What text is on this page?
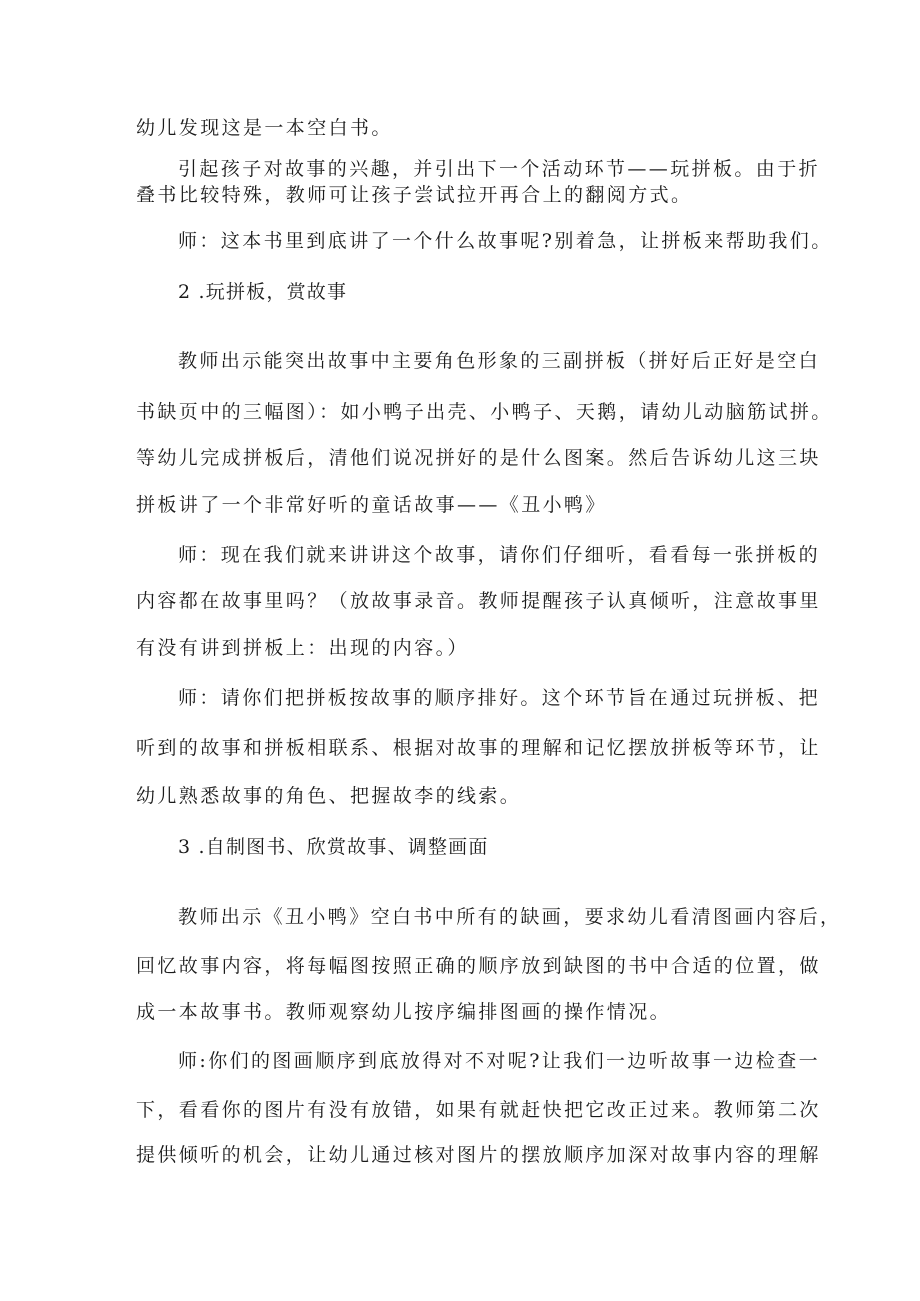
幼儿发现这是一本空白书。
引起孩子对故事的兴趣，并引出下一个活动环节——玩拼板。由于折
叠书比较特殊，教师可让孩子尝试拉开再合上的翻阅方式。
师：这本书里到底讲了一个什么故事呢?别着急，让拼板来帮助我们。
2 .玩拼板，赏故事
教师出示能突出故事中主要角色形象的三副拼板（拼好后正好是空白
书缺页中的三幅图）：如小鸭子出壳、小鸭子、天鹅，请幼儿动脑筋试拼。
等幼儿完成拼板后，清他们说况拼好的是什么图案。然后告诉幼儿这三块
拼板讲了一个非常好听的童话故事——《丑小鸭》
师：现在我们就来讲讲这个故事，请你们仔细听，看看每一张拼板的
内容都在故事里吗？（放故事录音。教师提醒孩子认真倾听，注意故事里
有没有讲到拼板上：出现的内容。）
师：请你们把拼板按故事的顺序排好。这个环节旨在通过玩拼板、把
听到的故事和拼板相联系、根据对故事的理解和记忆摆放拼板等环节，让
幼儿熟悉故事的角色、把握故李的线索。
3 .自制图书、欣赏故事、调整画面
教师出示《丑小鸭》空白书中所有的缺画，要求幼儿看清图画内容后，
回忆故事内容，将每幅图按照正确的顺序放到缺图的书中合适的位置，做
成一本故事书。教师观察幼儿按序编排图画的操作情况。
师:你们的图画顺序到底放得对不对呢?让我们一边听故事一边检查一
下，看看你的图片有没有放错，如果有就赶快把它改正过来。教师第二次
提供倾听的机会，让幼儿通过核对图片的摆放顺序加深对故事内容的理解
